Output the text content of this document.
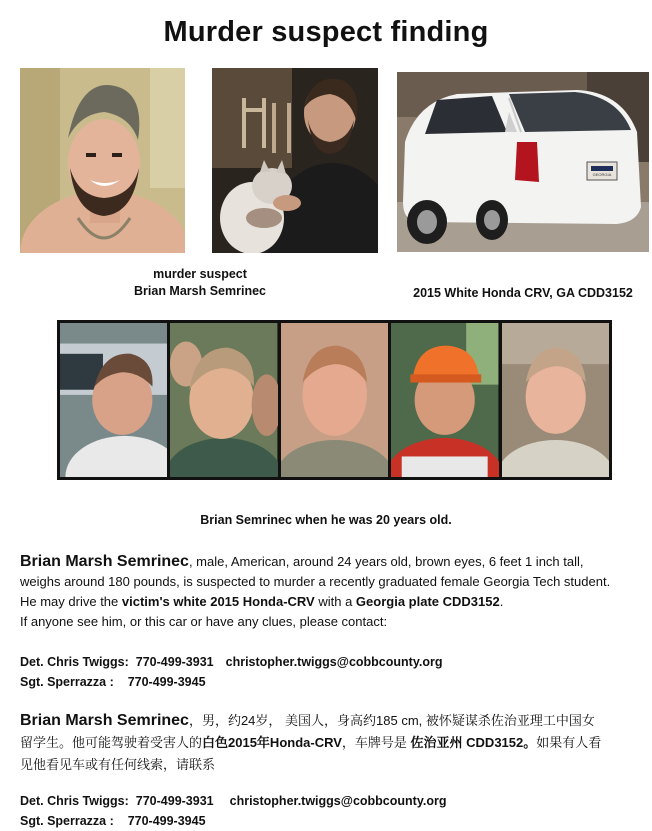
Murder suspect finding
GEORGIA
murder suspect
Brian Marsh Semrinec	2015 White Honda CRV, GA CDD3152
Brian Semrinec when he was 20 years old.
Brian Marsh Semrinec, male, American, around 24 years old, brown eyes, 6 feet 1 inch tall,
weighs around 180 pounds, is suspected to murder a recently graduated female Georgia Tech student.
He may drive the victim's white 2015 Honda-CRV with a Georgia plate CDD3152.
If anyone see him, or this car or have any clues, please contact:
Det. Chris Twiggs: 770-499-3931 christopher.twiggs@cobbcounty.org
Sgt. Sperrazza : 770-499-3945
Brian Marsh Semrinec，男，约24岁， 美国人，身高约185 cm, 被怀疑谋杀佐治亚理工中国女
留学生。他可能驾驶着受害人的白色2015年Honda-CRV，车牌号是 佐治亚州 CDD3152。如果有人看
见他看见车或有任何线索，请联系
Det. Chris Twiggs: 770-499-3931 christopher.twiggs@cobbcounty.org
Sgt. Sperrazza : 770-499-3945
